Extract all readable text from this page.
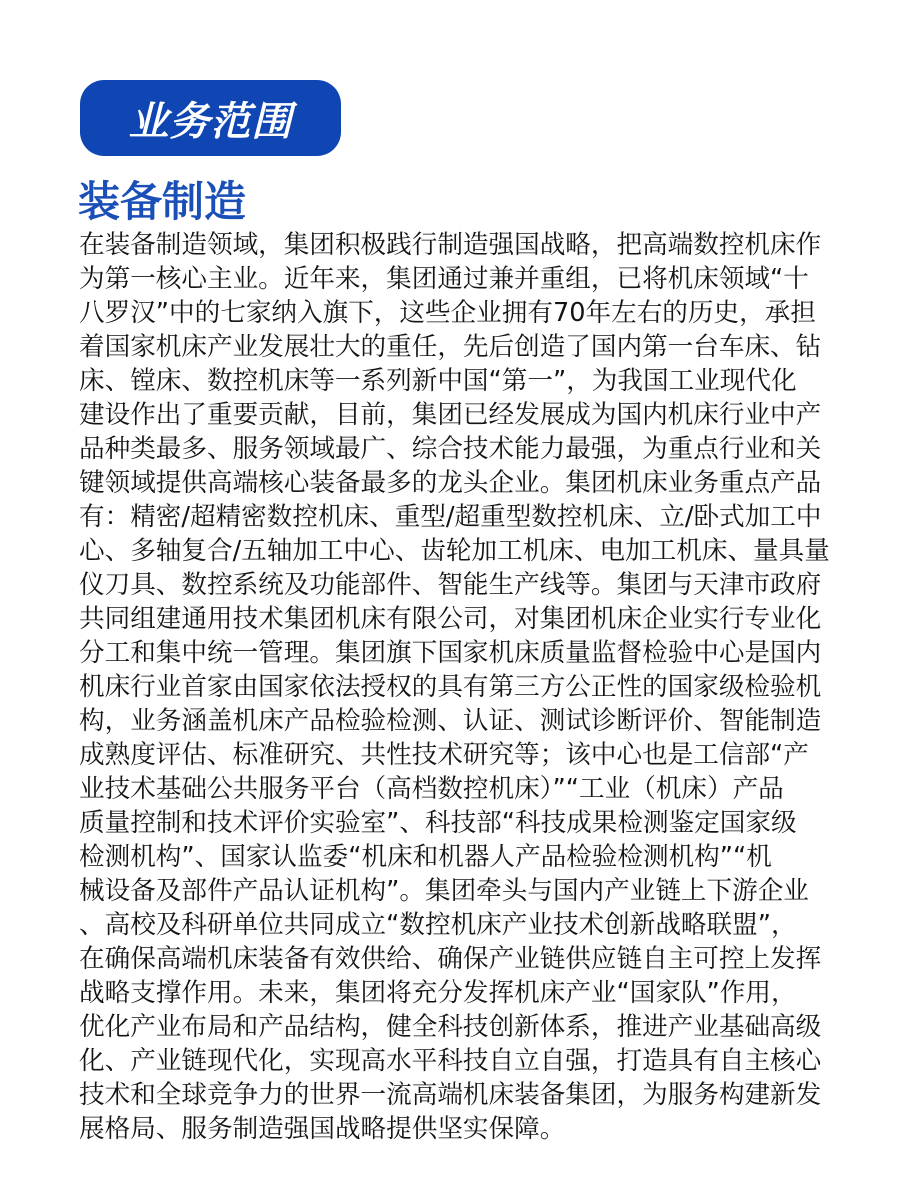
业务范围
装备制造
在装备制造领域，集团积极践行制造强国战略，把高端数控机床作
为第一核心主业。近年来，集团通过兼并重组，已将机床领域“十
八罗汉”中的七家纳入旗下，这些企业拥有70年左右的历史，承担
着国家机床产业发展壮大的重任，先后创造了国内第一台车床、钻
床、镗床、数控机床等一系列新中国“第一”，为我国工业现代化
建设作出了重要贡献，目前，集团已经发展成为国内机床行业中产
品种类最多、服务领域最广、综合技术能力最强，为重点行业和关
键领域提供高端核心装备最多的龙头企业。集团机床业务重点产品
有：精密/超精密数控机床、重型/超重型数控机床、立/卧式加工中
心、多轴复合/五轴加工中心、齿轮加工机床、电加工机床、量具量
仪刀具、数控系统及功能部件、智能生产线等。集团与天津市政府
共同组建通用技术集团机床有限公司，对集团机床企业实行专业化
分工和集中统一管理。集团旗下国家机床质量监督检验中心是国内
机床行业首家由国家依法授权的具有第三方公正性的国家级检验机
构，业务涵盖机床产品检验检测、认证、测试诊断评价、智能制造
成熟度评估、标准研究、共性技术研究等；该中心也是工信部“产
业技术基础公共服务平台（高档数控机床）”“工业（机床）产品
质量控制和技术评价实验室”、科技部“科技成果检测鉴定国家级
检测机构”、国家认监委“机床和机器人产品检验检测机构”“机
械设备及部件产品认证机构”。集团牵头与国内产业链上下游企业
、高校及科研单位共同成立“数控机床产业技术创新战略联盟”，
在确保高端机床装备有效供给、确保产业链供应链自主可控上发挥
战略支撑作用。未来，集团将充分发挥机床产业“国家队”作用，
优化产业布局和产品结构，健全科技创新体系，推进产业基础高级
化、产业链现代化，实现高水平科技自立自强，打造具有自主核心
技术和全球竞争力的世界一流高端机床装备集团，为服务构建新发
展格局、服务制造强国战略提供坚实保障。
